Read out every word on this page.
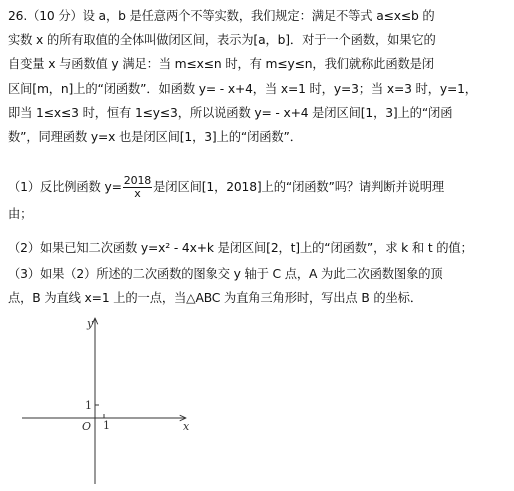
26.（10 分）设 a，b 是任意两个不等实数，我们规定：满足不等式 a≤x≤b 的
实数 x 的所有取值的全体叫做闭区间，表示为[a，b]．对于一个函数，如果它的
自变量 x 与函数值 y 满足：当 m≤x≤n 时，有 m≤y≤n，我们就称此函数是闭
区间[m，n]上的“闭函数”．如函数 y= - x+4，当 x=1 时，y=3；当 x=3 时，y=1，
即当 1≤x≤3 时，恒有 1≤y≤3，所以说函数 y= - x+4 是闭区间[1，3]上的“闭函
数”，同理函数 y=x 也是闭区间[1，3]上的“闭函数”．
（1）反比例函数 $y= \frac{2018}{x}$ 是闭区间[1，2018]上的“闭函数”吗？请判断并说明理
由；
（2）如果已知二次函数 y=x² - 4x+k 是闭区间[2，t]上的“闭函数”，求 k 和 t 的值；
（3）如果（2）所述的二次函数的图象交 y 轴于 C 点，A 为此二次函数图象的顶
点，B 为直线 x=1 上的一点，当△ABC 为直角三角形时，写出点 B 的坐标．
y
x
O 1
1
